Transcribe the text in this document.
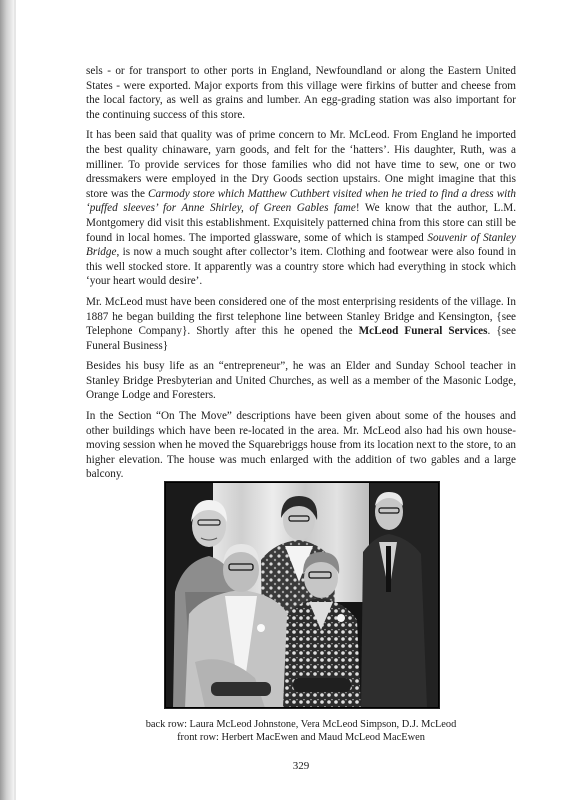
sels - or for transport to other ports in England, Newfoundland or along the Eastern United States - were exported. Major exports from this village were firkins of butter and cheese from the local factory, as well as grains and lumber. An egg-grading station was also important for the continuing success of this store.

It has been said that quality was of prime concern to Mr. McLeod. From England he imported the best quality chinaware, yarn goods, and felt for the ‘hatters’. His daughter, Ruth, was a milliner. To provide services for those families who did not have time to sew, one or two dressmakers were employed in the Dry Goods section upstairs. One might imagine that this store was the Carmody store which Matthew Cuthbert visited when he tried to find a dress with ‘puffed sleeves’ for Anne Shirley, of Green Gables fame! We know that the author, L.M. Montgomery did visit this establishment. Exquisitely patterned china from this store can still be found in local homes. The imported glassware, some of which is stamped Souvenir of Stanley Bridge, is now a much sought after collector’s item. Clothing and footwear were also found in this well stocked store. It apparently was a country store which had everything in stock which ‘your heart would desire’.

Mr. McLeod must have been considered one of the most enterprising residents of the village. In 1887 he began building the first telephone line between Stanley Bridge and Kensington, {see Telephone Company}. Shortly after this he opened the McLeod Funeral Services. {see Funeral Business}

Besides his busy life as an “entrepreneur”, he was an Elder and Sunday School teacher in Stanley Bridge Presbyterian and United Churches, as well as a member of the Masonic Lodge, Orange Lodge and Foresters.

In the Section “On The Move” descriptions have been given about some of the houses and other buildings which have been re-located in the area. Mr. McLeod also had his own house-moving session when he moved the Squarebriggs house from its location next to the store, to an higher elevation. The house was much enlarged with the addition of two gables and a large balcony.

back row: Laura McLeod Johnstone, Vera McLeod Simpson, D.J. McLeod
front row: Herbert MacEwen and Maud McLeod MacEwen
329
